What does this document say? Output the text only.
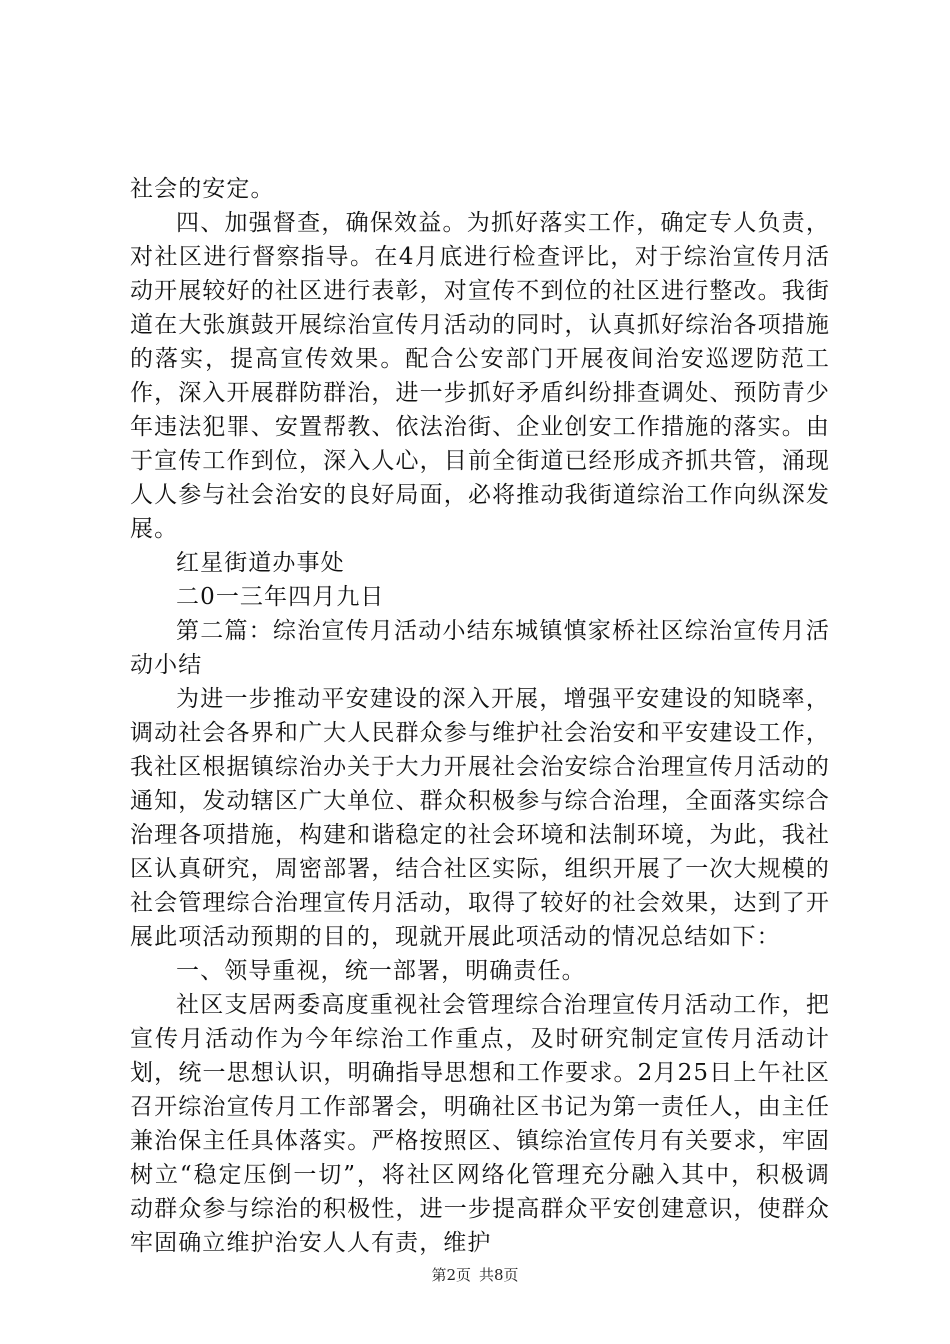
社会的安定。

四、加强督查，确保效益。为抓好落实工作，确定专人负责，对社区进行督察指导。在4月底进行检查评比，对于综治宣传月活动开展较好的社区进行表彰，对宣传不到位的社区进行整改。我街道在大张旗鼓开展综治宣传月活动的同时，认真抓好综治各项措施的落实，提高宣传效果。配合公安部门开展夜间治安巡逻防范工作，深入开展群防群治，进一步抓好矛盾纠纷排查调处、预防青少年违法犯罪、安置帮教、依法治街、企业创安工作措施的落实。由于宣传工作到位，深入人心，目前全街道已经形成齐抓共管，涌现人人参与社会治安的良好局面，必将推动我街道综治工作向纵深发展。

红星街道办事处

二0一三年四月九日

第二篇：综治宣传月活动小结东城镇慎家桥社区综治宣传月活动小结

为进一步推动平安建设的深入开展，增强平安建设的知晓率，调动社会各界和广大人民群众参与维护社会治安和平安建设工作，我社区根据镇综治办关于大力开展社会治安综合治理宣传月活动的通知，发动辖区广大单位、群众积极参与综合治理，全面落实综合治理各项措施，构建和谐稳定的社会环境和法制环境，为此，我社区认真研究，周密部署，结合社区实际，组织开展了一次大规模的社会管理综合治理宣传月活动，取得了较好的社会效果，达到了开展此项活动预期的目的，现就开展此项活动的情况总结如下：

一、领导重视，统一部署，明确责任。

社区支居两委高度重视社会管理综合治理宣传月活动工作，把宣传月活动作为今年综治工作重点，及时研究制定宣传月活动计划，统一思想认识，明确指导思想和工作要求。2月25日上午社区召开综治宣传月工作部署会，明确社区书记为第一责任人，由主任兼治保主任具体落实。严格按照区、镇综治宣传月有关要求，牢固树立“稳定压倒一切”，将社区网络化管理充分融入其中，积极调动群众参与综治的积极性，进一步提高群众平安创建意识，使群众牢固确立维护治安人人有责，维护

第2页 共8页
